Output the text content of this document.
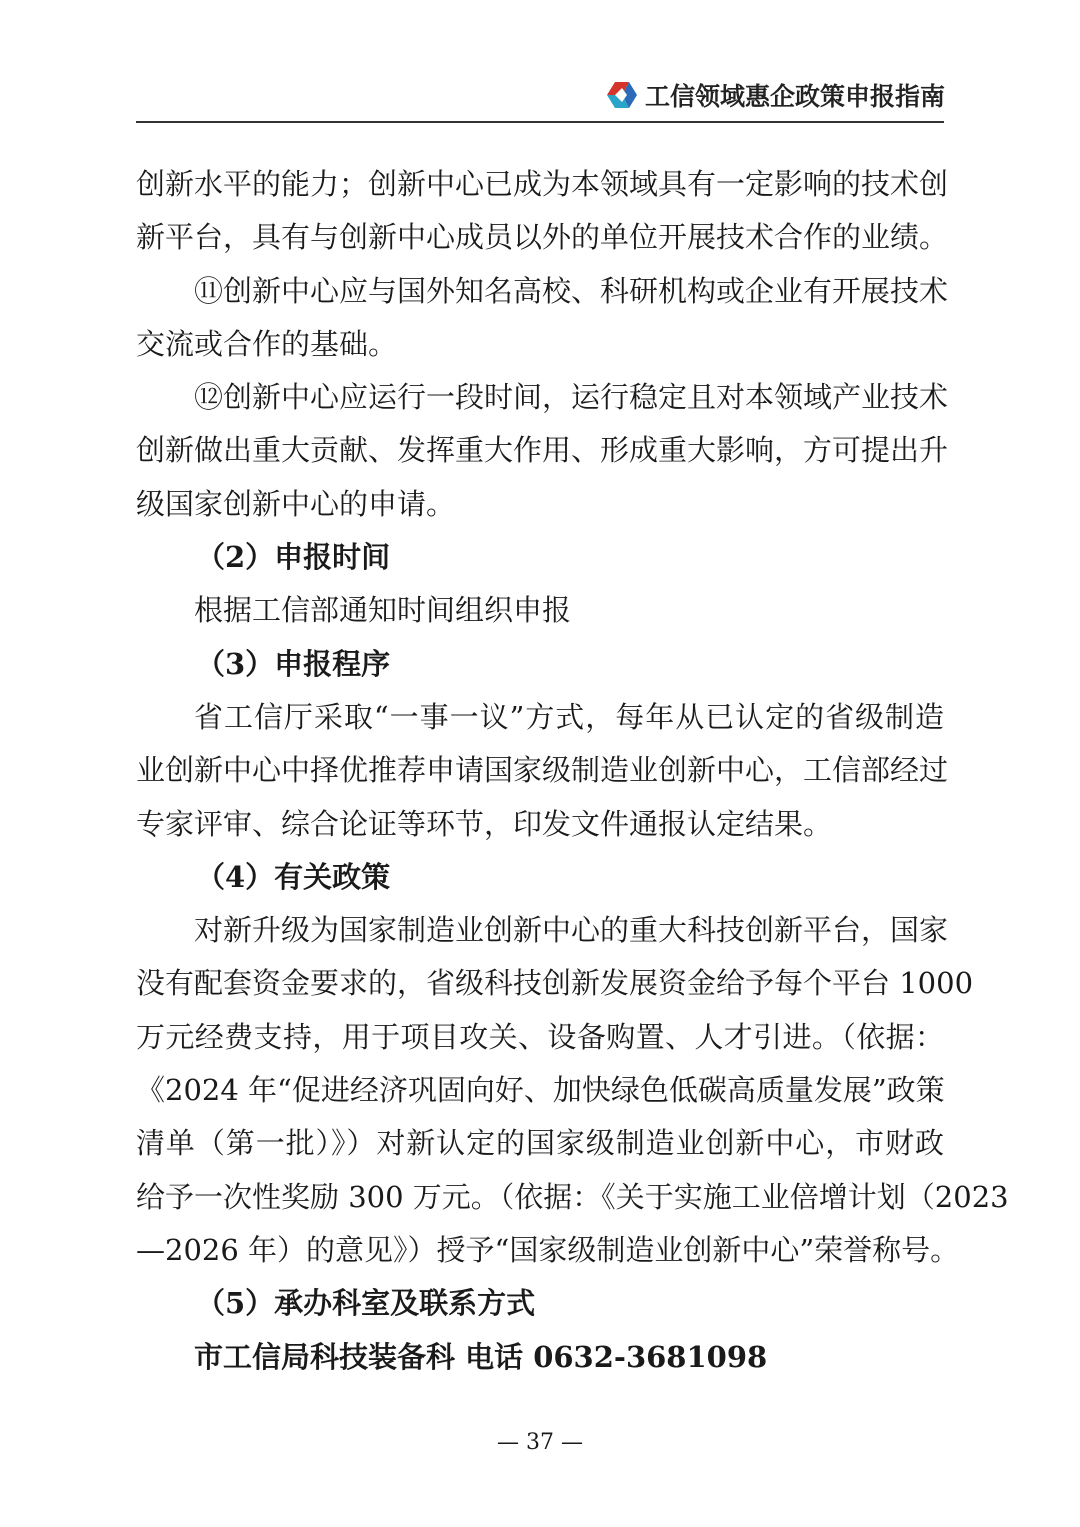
工信领域惠企政策申报指南
创新水平的能力；创新中心已成为本领域具有一定影响的技术创
新平台，具有与创新中心成员以外的单位开展技术合作的业绩。
⑪创新中心应与国外知名高校、科研机构或企业有开展技术
交流或合作的基础。
⑫创新中心应运行一段时间，运行稳定且对本领域产业技术
创新做出重大贡献、发挥重大作用、形成重大影响，方可提出升
级国家创新中心的申请。
（2）申报时间
根据工信部通知时间组织申报
（3）申报程序
省工信厅采取“一事一议”方式，每年从已认定的省级制造
业创新中心中择优推荐申请国家级制造业创新中心，工信部经过
专家评审、综合论证等环节，印发文件通报认定结果。
（4）有关政策
对新升级为国家制造业创新中心的重大科技创新平台，国家
没有配套资金要求的，省级科技创新发展资金给予每个平台 1000
万元经费支持，用于项目攻关、设备购置、人才引进。（依据：
《2024 年“促进经济巩固向好、加快绿色低碳高质量发展”政策
清单（第一批）》）对新认定的国家级制造业创新中心，市财政
给予一次性奖励 300 万元。（依据：《关于实施工业倍增计划（2023
—2026 年）的意见》）授予“国家级制造业创新中心”荣誉称号。
（5）承办科室及联系方式
市工信局科技装备科 电话 0632-3681098
— 37 —
